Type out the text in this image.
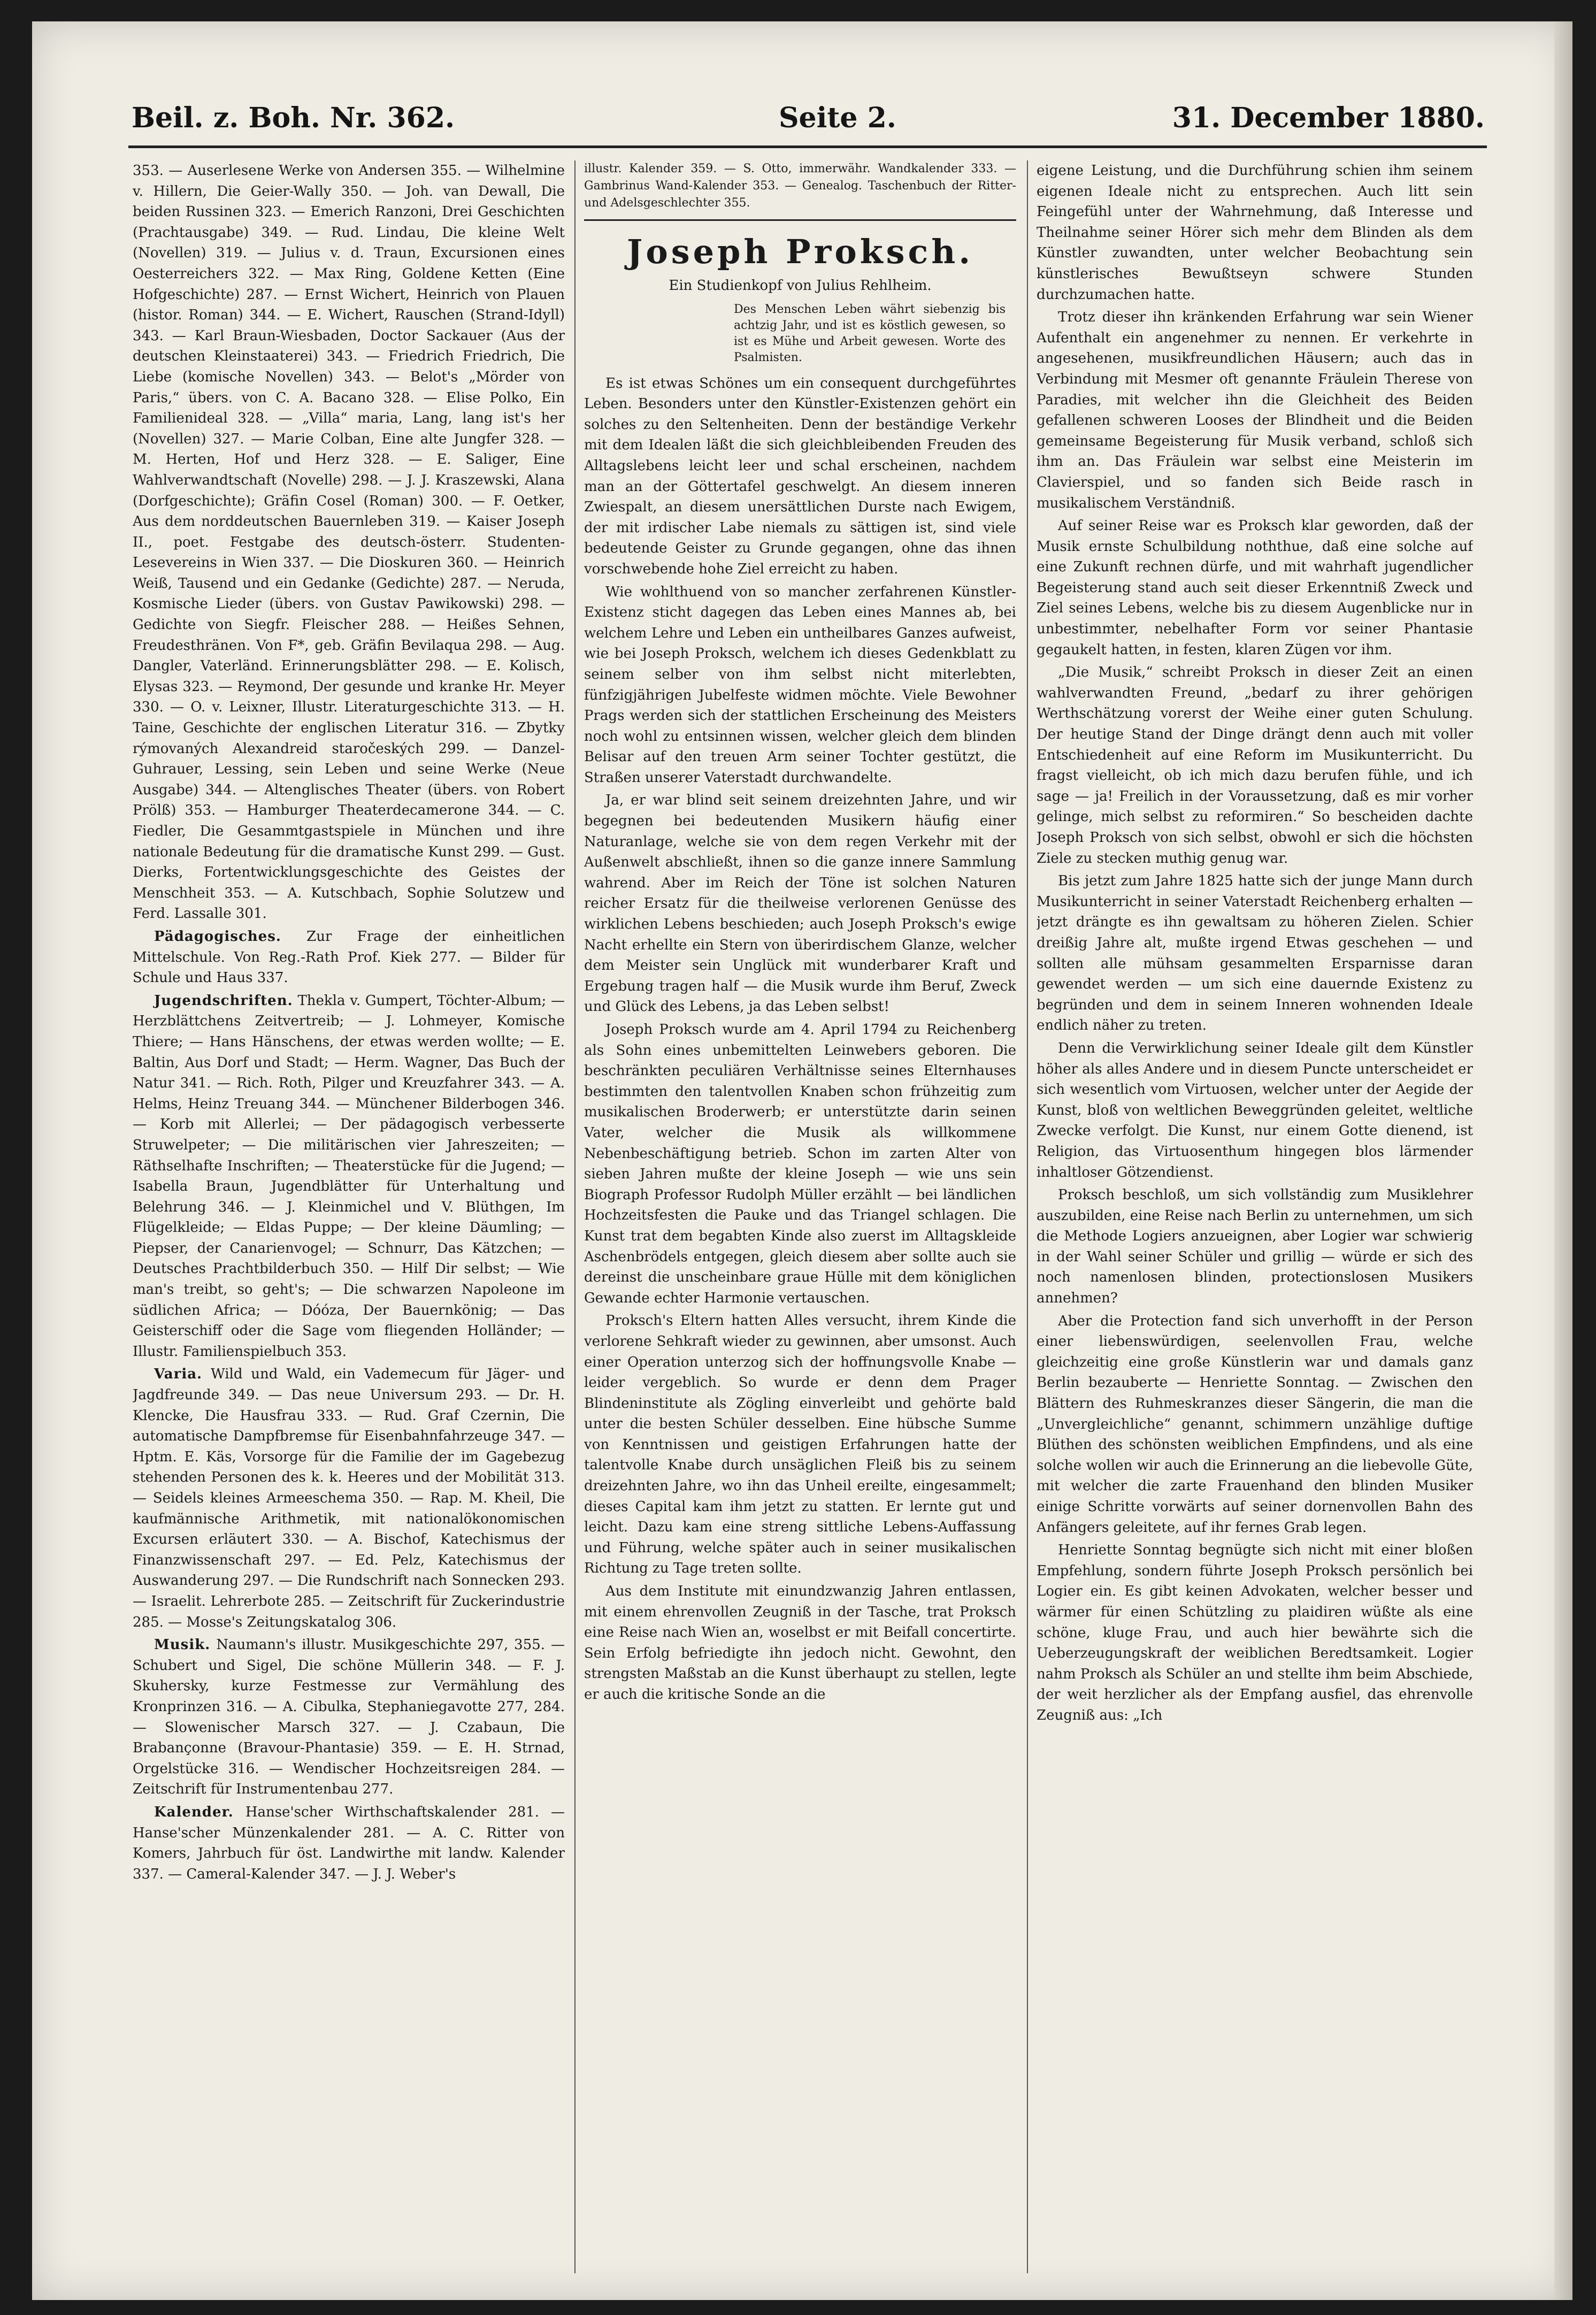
Beil. z. Boh. Nr. 362.	Seite 2.	31. December 1880.

353. — Auserlesene Werke von Andersen 355. — Wilhelmine v. Hillern, Die Geier-Wally 350. — Joh. van Dewall, Die beiden Russinen 323. — Emerich Ranzoni, Drei Geschichten (Prachtausgabe) 349. — Rud. Lindau, Die kleine Welt (Novellen) 319. — Julius v. d. Traun, Excursionen eines Oesterreichers 322. — Max Ring, Goldene Ketten (Eine Hofgeschichte) 287. — Ernst Wichert, Heinrich von Plauen (histor. Roman) 344. — E. Wichert, Rauschen (Strand-Idyll) 343. — Karl Braun-Wiesbaden, Doctor Sackauer (Aus der deutschen Kleinstaaterei) 343. — Friedrich Friedrich, Die Liebe (komische Novellen) 343. — Belot's „Mörder von Paris,“ übers. von C. A. Bacano 328. — Elise Polko, Ein Familienideal 328. — „Villa“ maria, Lang, lang ist's her (Novellen) 327. — Marie Colban, Eine alte Jungfer 328. — M. Herten, Hof und Herz 328. — E. Saliger, Eine Wahlverwandtschaft (Novelle) 298. — J. J. Kraszewski, Alana (Dorfgeschichte); Gräfin Cosel (Roman) 300. — F. Oetker, Aus dem norddeutschen Bauernleben 319. — Kaiser Joseph II., poet. Festgabe des deutsch-österr. Studenten-Lesevereins in Wien 337. — Die Dioskuren 360. — Heinrich Weiß, Tausend und ein Gedanke (Gedichte) 287. — Neruda, Kosmische Lieder (übers. von Gustav Pawikowski) 298. — Gedichte von Siegfr. Fleischer 288. — Heißes Sehnen, Freudesthränen. Von F*, geb. Gräfin Bevilaqua 298. — Aug. Dangler, Vaterländ. Erinnerungsblätter 298. — E. Kolisch, Elysas 323. — Reymond, Der gesunde und kranke Hr. Meyer 330. — O. v. Leixner, Illustr. Literaturgeschichte 313. — H. Taine, Geschichte der englischen Literatur 316. — Zbytky rýmovaných Alexandreid staročeských 299. — Danzel-Guhrauer, Lessing, sein Leben und seine Werke (Neue Ausgabe) 344. — Altenglisches Theater (übers. von Robert Prölß) 353. — Hamburger Theaterdecamerone 344. — C. Fiedler, Die Gesammtgastspiele in München und ihre nationale Bedeutung für die dramatische Kunst 299. — Gust. Dierks, Fortentwicklungsgeschichte des Geistes der Menschheit 353. — A. Kutschbach, Sophie Solutzew und Ferd. Lassalle 301.

Pädagogisches. Zur Frage der einheitlichen Mittelschule. Von Reg.-Rath Prof. Kiek 277. — Bilder für Schule und Haus 337.

Jugendschriften. Thekla v. Gumpert, Töchter-Album; — Herzblättchens Zeitvertreib; — J. Lohmeyer, Komische Thiere; — Hans Hänschens, der etwas werden wollte; — E. Baltin, Aus Dorf und Stadt; — Herm. Wagner, Das Buch der Natur 341. — Rich. Roth, Pilger und Kreuzfahrer 343. — A. Helms, Heinz Treuang 344. — Münchener Bilderbogen 346. — Korb mit Allerlei; — Der pädagogisch verbesserte Struwelpeter; — Die militärischen vier Jahreszeiten; — Räthselhafte Inschriften; — Theaterstücke für die Jugend; — Isabella Braun, Jugendblätter für Unterhaltung und Belehrung 346. — J. Kleinmichel und V. Blüthgen, Im Flügelkleide; — Eldas Puppe; — Der kleine Däumling; — Piepser, der Canarienvogel; — Schnurr, Das Kätzchen; — Deutsches Prachtbilderbuch 350. — Hilf Dir selbst; — Wie man's treibt, so geht's; — Die schwarzen Napoleone im südlichen Africa; — Dóóza, Der Bauernkönig; — Das Geisterschiff oder die Sage vom fliegenden Holländer; — Illustr. Familienspielbuch 353.

Varia. Wild und Wald, ein Vademecum für Jäger- und Jagdfreunde 349. — Das neue Universum 293. — Dr. H. Klencke, Die Hausfrau 333. — Rud. Graf Czernin, Die automatische Dampfbremse für Eisenbahnfahrzeuge 347. — Hptm. E. Käs, Vorsorge für die Familie der im Gagebezug stehenden Personen des k. k. Heeres und der Mobilität 313. — Seidels kleines Armeeschema 350. — Rap. M. Kheil, Die kaufmännische Arithmetik, mit nationalökonomischen Excursen erläutert 330. — A. Bischof, Katechismus der Finanzwissenschaft 297. — Ed. Pelz, Katechismus der Auswanderung 297. — Die Rundschrift nach Sonnecken 293. — Israelit. Lehrerbote 285. — Zeitschrift für Zuckerindustrie 285. — Mosse's Zeitungskatalog 306.

Musik. Naumann's illustr. Musikgeschichte 297, 355. — Schubert und Sigel, Die schöne Müllerin 348. — F. J. Skuhersky, kurze Festmesse zur Vermählung des Kronprinzen 316. — A. Cibulka, Stephaniegavotte 277, 284. — Slowenischer Marsch 327. — J. Czabaun, Die Brabançonne (Bravour-Phantasie) 359. — E. H. Strnad, Orgelstücke 316. — Wendischer Hochzeitsreigen 284. — Zeitschrift für Instrumentenbau 277.

Kalender. Hanse'scher Wirthschaftskalender 281. — Hanse'scher Münzenkalender 281. — A. C. Ritter von Komers, Jahrbuch für öst. Landwirthe mit landw. Kalender 337. — Cameral-Kalender 347. — J. J. Weber's

illustr. Kalender 359. — S. Otto, immerwähr. Wandkalender 333. — Gambrinus Wand-Kalender 353. — Genealog. Taschenbuch der Ritter- und Adelsgeschlechter 355.

Joseph Proksch.
Ein Studienkopf von Julius Rehlheim.
Des Menschen Leben währt siebenzig bis achtzig Jahr, und ist es köstlich gewesen, so ist es Mühe und Arbeit gewesen. Worte des Psalmisten.

Es ist etwas Schönes um ein consequent durchgeführtes Leben. Besonders unter den Künstler-Existenzen gehört ein solches zu den Seltenheiten. Denn der beständige Verkehr mit dem Idealen läßt die sich gleichbleibenden Freuden des Alltagslebens leicht leer und schal erscheinen, nachdem man an der Göttertafel geschwelgt. An diesem inneren Zwiespalt, an diesem unersättlichen Durste nach Ewigem, der mit irdischer Labe niemals zu sättigen ist, sind viele bedeutende Geister zu Grunde gegangen, ohne das ihnen vorschwebende hohe Ziel erreicht zu haben.

Wie wohlthuend von so mancher zerfahrenen Künstler-Existenz sticht dagegen das Leben eines Mannes ab, bei welchem Lehre und Leben ein untheilbares Ganzes aufweist, wie bei Joseph Proksch, welchem ich dieses Gedenkblatt zu seinem selber von ihm selbst nicht miterlebten, fünfzigjährigen Jubelfeste widmen möchte. Viele Bewohner Prags werden sich der stattlichen Erscheinung des Meisters noch wohl zu entsinnen wissen, welcher gleich dem blinden Belisar auf den treuen Arm seiner Tochter gestützt, die Straßen unserer Vaterstadt durchwandelte.

Ja, er war blind seit seinem dreizehnten Jahre, und wir begegnen bei bedeutenden Musikern häufig einer Naturanlage, welche sie von dem regen Verkehr mit der Außenwelt abschließt, ihnen so die ganze innere Sammlung wahrend. Aber im Reich der Töne ist solchen Naturen reicher Ersatz für die theilweise verlorenen Genüsse des wirklichen Lebens beschieden; auch Joseph Proksch's ewige Nacht erhellte ein Stern von überirdischem Glanze, welcher dem Meister sein Unglück mit wunderbarer Kraft und Ergebung tragen half — die Musik wurde ihm Beruf, Zweck und Glück des Lebens, ja das Leben selbst!

Joseph Proksch wurde am 4. April 1794 zu Reichenberg als Sohn eines unbemittelten Leinwebers geboren. Die beschränkten peculiären Verhältnisse seines Elternhauses bestimmten den talentvollen Knaben schon frühzeitig zum musikalischen Broderwerb; er unterstützte darin seinen Vater, welcher die Musik als willkommene Nebenbeschäftigung betrieb. Schon im zarten Alter von sieben Jahren mußte der kleine Joseph — wie uns sein Biograph Professor Rudolph Müller erzählt — bei ländlichen Hochzeitsfesten die Pauke und das Triangel schlagen. Die Kunst trat dem begabten Kinde also zuerst im Alltagskleide Aschenbrödels entgegen, gleich diesem aber sollte auch sie dereinst die unscheinbare graue Hülle mit dem königlichen Gewande echter Harmonie vertauschen.

Proksch's Eltern hatten Alles versucht, ihrem Kinde die verlorene Sehkraft wieder zu gewinnen, aber umsonst. Auch einer Operation unterzog sich der hoffnungsvolle Knabe — leider vergeblich. So wurde er denn dem Prager Blindeninstitute als Zögling einverleibt und gehörte bald unter die besten Schüler desselben. Eine hübsche Summe von Kenntnissen und geistigen Erfahrungen hatte der talentvolle Knabe durch unsäglichen Fleiß bis zu seinem dreizehnten Jahre, wo ihn das Unheil ereilte, eingesammelt; dieses Capital kam ihm jetzt zu statten. Er lernte gut und leicht. Dazu kam eine streng sittliche Lebens-Auffassung und Führung, welche später auch in seiner musikalischen Richtung zu Tage treten sollte.

Aus dem Institute mit einundzwanzig Jahren entlassen, mit einem ehrenvollen Zeugniß in der Tasche, trat Proksch eine Reise nach Wien an, woselbst er mit Beifall concertirte. Sein Erfolg befriedigte ihn jedoch nicht. Gewohnt, den strengsten Maßstab an die Kunst überhaupt zu stellen, legte er auch die kritische Sonde an die

eigene Leistung, und die Durchführung schien ihm seinem eigenen Ideale nicht zu entsprechen. Auch litt sein Feingefühl unter der Wahrnehmung, daß Interesse und Theilnahme seiner Hörer sich mehr dem Blinden als dem Künstler zuwandten, unter welcher Beobachtung sein künstlerisches Bewußtseyn schwere Stunden durchzumachen hatte.

Trotz dieser ihn kränkenden Erfahrung war sein Wiener Aufenthalt ein angenehmer zu nennen. Er verkehrte in angesehenen, musikfreundlichen Häusern; auch das in Verbindung mit Mesmer oft genannte Fräulein Therese von Paradies, mit welcher ihn die Gleichheit des Beiden gefallenen schweren Looses der Blindheit und die Beiden gemeinsame Begeisterung für Musik verband, schloß sich ihm an. Das Fräulein war selbst eine Meisterin im Clavierspiel, und so fanden sich Beide rasch in musikalischem Verständniß.

Auf seiner Reise war es Proksch klar geworden, daß der Musik ernste Schulbildung noththue, daß eine solche auf eine Zukunft rechnen dürfe, und mit wahrhaft jugendlicher Begeisterung stand auch seit dieser Erkenntniß Zweck und Ziel seines Lebens, welche bis zu diesem Augenblicke nur in unbestimmter, nebelhafter Form vor seiner Phantasie gegaukelt hatten, in festen, klaren Zügen vor ihm.

„Die Musik,“ schreibt Proksch in dieser Zeit an einen wahlverwandten Freund, „bedarf zu ihrer gehörigen Werthschätzung vorerst der Weihe einer guten Schulung. Der heutige Stand der Dinge drängt denn auch mit voller Entschiedenheit auf eine Reform im Musikunterricht. Du fragst vielleicht, ob ich mich dazu berufen fühle, und ich sage — ja! Freilich in der Voraussetzung, daß es mir vorher gelinge, mich selbst zu reformiren.“ So bescheiden dachte Joseph Proksch von sich selbst, obwohl er sich die höchsten Ziele zu stecken muthig genug war.

Bis jetzt zum Jahre 1825 hatte sich der junge Mann durch Musikunterricht in seiner Vaterstadt Reichenberg erhalten — jetzt drängte es ihn gewaltsam zu höheren Zielen. Schier dreißig Jahre alt, mußte irgend Etwas geschehen — und sollten alle mühsam gesammelten Ersparnisse daran gewendet werden — um sich eine dauernde Existenz zu begründen und dem in seinem Inneren wohnenden Ideale endlich näher zu treten.

Denn die Verwirklichung seiner Ideale gilt dem Künstler höher als alles Andere und in diesem Puncte unterscheidet er sich wesentlich vom Virtuosen, welcher unter der Aegide der Kunst, bloß von weltlichen Beweggründen geleitet, weltliche Zwecke verfolgt. Die Kunst, nur einem Gotte dienend, ist Religion, das Virtuosenthum hingegen blos lärmender inhaltloser Götzendienst.

Proksch beschloß, um sich vollständig zum Musiklehrer auszubilden, eine Reise nach Berlin zu unternehmen, um sich die Methode Logiers anzueignen, aber Logier war schwierig in der Wahl seiner Schüler und grillig — würde er sich des noch namenlosen blinden, protectionslosen Musikers annehmen?

Aber die Protection fand sich unverhofft in der Person einer liebenswürdigen, seelenvollen Frau, welche gleichzeitig eine große Künstlerin war und damals ganz Berlin bezauberte — Henriette Sonntag. — Zwischen den Blättern des Ruhmeskranzes dieser Sängerin, die man die „Unvergleichliche“ genannt, schimmern unzählige duftige Blüthen des schönsten weiblichen Empfindens, und als eine solche wollen wir auch die Erinnerung an die liebevolle Güte, mit welcher die zarte Frauenhand den blinden Musiker einige Schritte vorwärts auf seiner dornenvollen Bahn des Anfängers geleitete, auf ihr fernes Grab legen.

Henriette Sonntag begnügte sich nicht mit einer bloßen Empfehlung, sondern führte Joseph Proksch persönlich bei Logier ein. Es gibt keinen Advokaten, welcher besser und wärmer für einen Schützling zu plaidiren wüßte als eine schöne, kluge Frau, und auch hier bewährte sich die Ueberzeugungskraft der weiblichen Beredtsamkeit. Logier nahm Proksch als Schüler an und stellte ihm beim Abschiede, der weit herzlicher als der Empfang ausfiel, das ehrenvolle Zeugniß aus: „Ich
